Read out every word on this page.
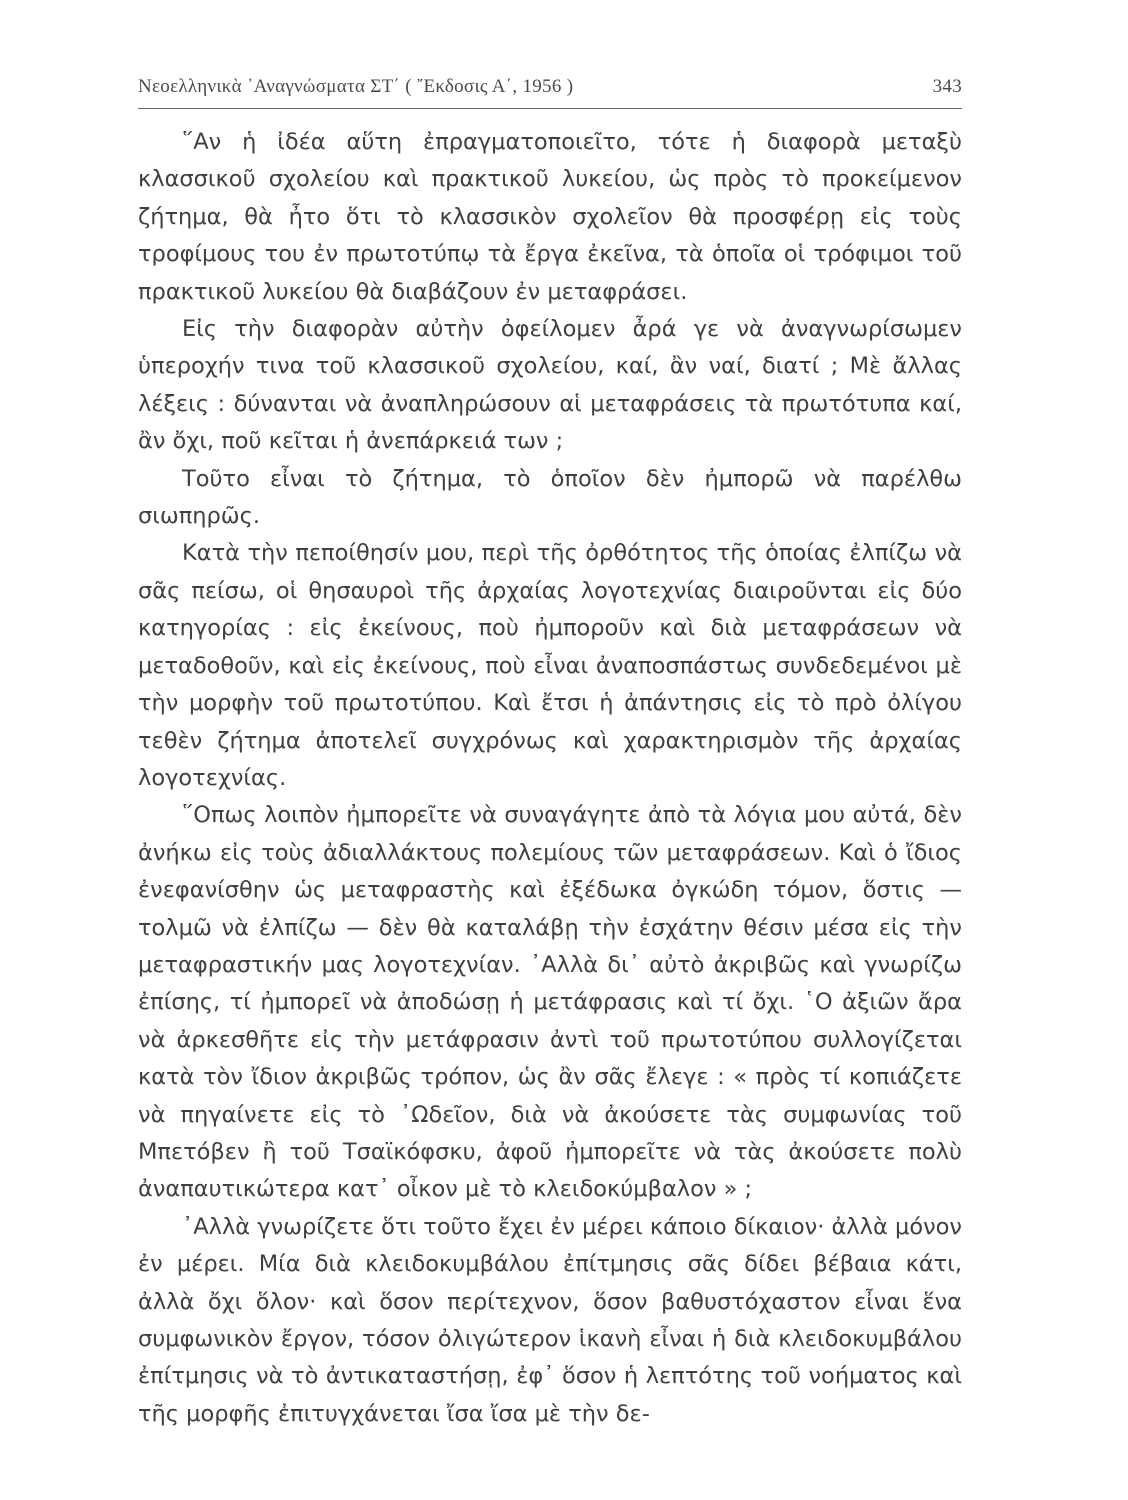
Νεοελληνικὰ ᾿Αναγνώσματα ΣΤ΄ ( ῎Εκδοσις Α΄, 1956 )	343

῞Αν ἡ ἰδέα αὕτη ἐπραγματοποιεῖτο, τότε ἡ διαφορὰ μεταξὺ κλασσικοῦ σχολείου καὶ πρακτικοῦ λυκείου, ὡς πρὸς τὸ προκείμενον ζήτημα, θὰ ἦτο ὅτι τὸ κλασσικὸν σχολεῖον θὰ προσφέρῃ εἰς τοὺς τροφίμους του ἐν πρωτοτύπῳ τὰ ἔργα ἐκεῖνα, τὰ ὁποῖα οἱ τρόφιμοι τοῦ πρακτικοῦ λυκείου θὰ διαβάζουν ἐν μεταφράσει.

Εἰς τὴν διαφορὰν αὐτὴν ὀφείλομεν ἆρά γε νὰ ἀναγνωρίσωμεν ὑπεροχήν τινα τοῦ κλασσικοῦ σχολείου, καί, ἂν ναί, διατί ; Μὲ ἄλλας λέξεις : δύνανται νὰ ἀναπληρώσουν αἱ μεταφράσεις τὰ πρωτότυπα καί, ἂν ὄχι, ποῦ κεῖται ἡ ἀνεπάρκειά των ;

Τοῦτο εἶναι τὸ ζήτημα, τὸ ὁποῖον δὲν ἠμπορῶ νὰ παρέλθω σιωπηρῶς.

Κατὰ τὴν πεποίθησίν μου, περὶ τῆς ὀρθότητος τῆς ὁποίας ἐλπίζω νὰ σᾶς πείσω, οἱ θησαυροὶ τῆς ἀρχαίας λογοτεχνίας διαιροῦνται εἰς δύο κατηγορίας : εἰς ἐκείνους, ποὺ ἠμποροῦν καὶ διὰ μεταφράσεων νὰ μεταδοθοῦν, καὶ εἰς ἐκείνους, ποὺ εἶναι ἀναποσπάστως συνδεδεμένοι μὲ τὴν μορφὴν τοῦ πρωτοτύπου. Καὶ ἔτσι ἡ ἀπάντησις εἰς τὸ πρὸ ὀλίγου τεθὲν ζήτημα ἀποτελεῖ συγχρόνως καὶ χαρακτηρισμὸν τῆς ἀρχαίας λογοτεχνίας.

῞Οπως λοιπὸν ἠμπορεῖτε νὰ συναγάγητε ἀπὸ τὰ λόγια μου αὐτά, δὲν ἀνήκω εἰς τοὺς ἀδιαλλάκτους πολεμίους τῶν μεταφράσεων. Καὶ ὁ ἴδιος ἐνεφανίσθην ὡς μεταφραστὴς καὶ ἐξέδωκα ὀγκώδη τόμον, ὅστις — τολμῶ νὰ ἐλπίζω — δὲν θὰ καταλάβῃ τὴν ἐσχάτην θέσιν μέσα εἰς τὴν μεταφραστικήν μας λογοτεχνίαν. ᾿Αλλὰ δι᾿ αὐτὸ ἀκριβῶς καὶ γνωρίζω ἐπίσης, τί ἠμπορεῖ νὰ ἀποδώσῃ ἡ μετάφρασις καὶ τί ὄχι. ῾Ο ἀξιῶν ἄρα νὰ ἀρκεσθῆτε εἰς τὴν μετάφρασιν ἀντὶ τοῦ πρωτοτύπου συλλογίζεται κατὰ τὸν ἴδιον ἀκριβῶς τρόπον, ὡς ἂν σᾶς ἔλεγε : « πρὸς τί κοπιάζετε νὰ πηγαίνετε εἰς τὸ ᾿Ωδεῖον, διὰ νὰ ἀκούσετε τὰς συμφωνίας τοῦ Μπετόβεν ἢ τοῦ Τσαϊκόφσκυ, ἀφοῦ ἠμπορεῖτε νὰ τὰς ἀκούσετε πολὺ ἀναπαυτικώτερα κατ᾿ οἶκον μὲ τὸ κλειδοκύμβαλον » ;

᾿Αλλὰ γνωρίζετε ὅτι τοῦτο ἔχει ἐν μέρει κάποιο δίκαιον· ἀλλὰ μόνον ἐν μέρει. Μία διὰ κλειδοκυμβάλου ἐπίτμησις σᾶς δίδει βέβαια κάτι, ἀλλὰ ὄχι ὅλον· καὶ ὅσον περίτεχνον, ὅσον βαθυστόχαστον εἶναι ἕνα συμφωνικὸν ἔργον, τόσον ὀλιγώτερον ἱκανὴ εἶναι ἡ διὰ κλειδοκυμβάλου ἐπίτμησις νὰ τὸ ἀντικαταστήσῃ, ἐφ᾿ ὅσον ἡ λεπτότης τοῦ νοήματος καὶ τῆς μορφῆς ἐπιτυγχάνεται ἴσα ἴσα μὲ τὴν δε-
